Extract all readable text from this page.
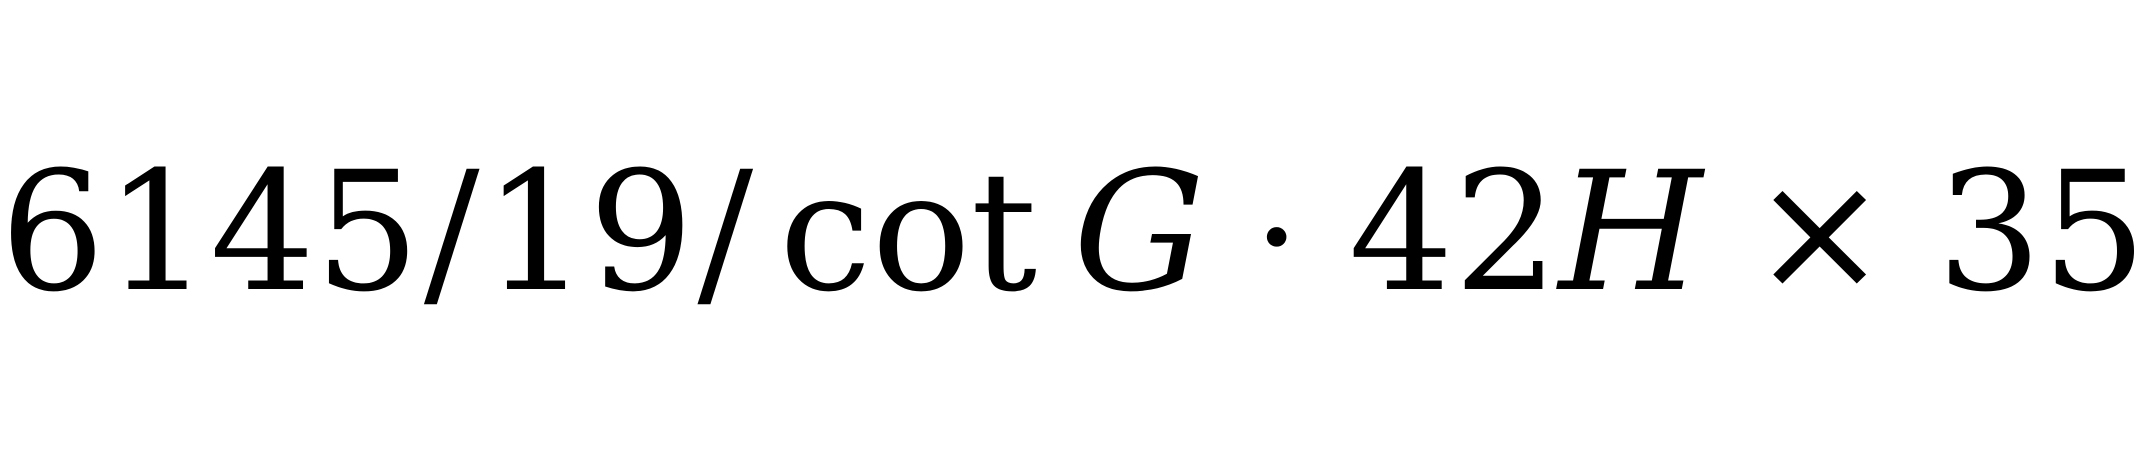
6145 / 19 / cot G · 42 H × 35
